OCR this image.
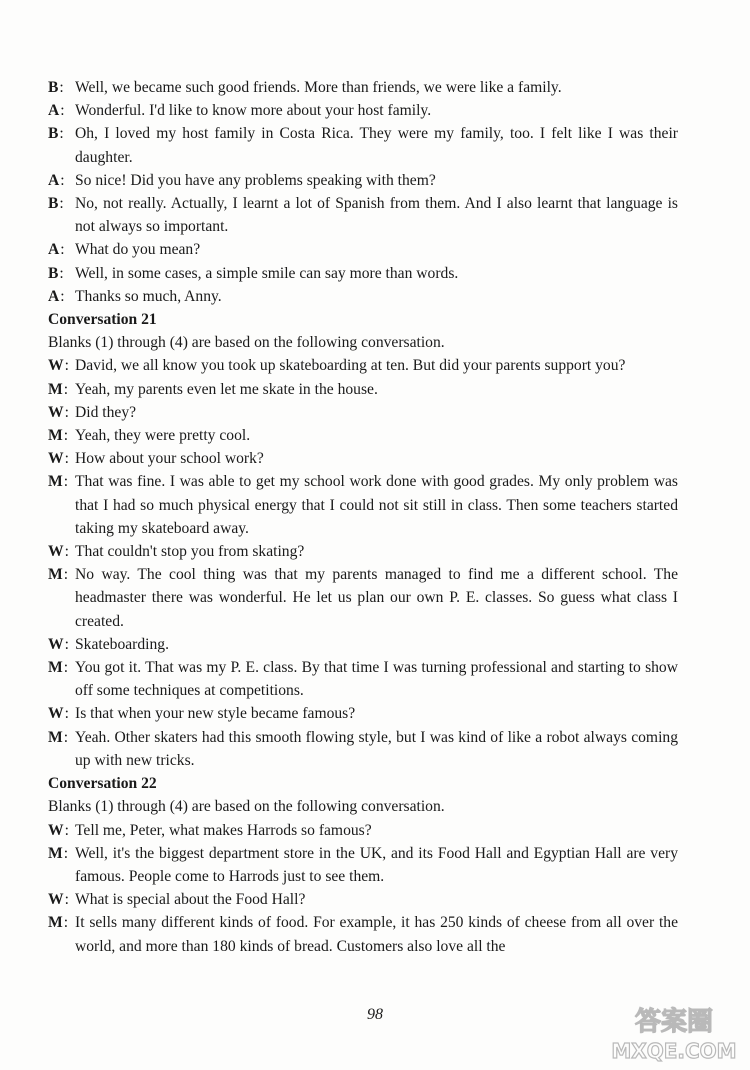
B: Well, we became such good friends. More than friends, we were like a family.
A: Wonderful. I'd like to know more about your host family.
B: Oh, I loved my host family in Costa Rica. They were my family, too. I felt like I was their daughter.
A: So nice! Did you have any problems speaking with them?
B: No, not really. Actually, I learnt a lot of Spanish from them. And I also learnt that language is not always so important.
A: What do you mean?
B: Well, in some cases, a simple smile can say more than words.
A: Thanks so much, Anny.
Conversation 21
Blanks (1) through (4) are based on the following conversation.
W: David, we all know you took up skateboarding at ten. But did your parents support you?
M: Yeah, my parents even let me skate in the house.
W: Did they?
M: Yeah, they were pretty cool.
W: How about your school work?
M: That was fine. I was able to get my school work done with good grades. My only problem was that I had so much physical energy that I could not sit still in class. Then some teachers started taking my skateboard away.
W: That couldn't stop you from skating?
M: No way. The cool thing was that my parents managed to find me a different school. The headmaster there was wonderful. He let us plan our own P. E. classes. So guess what class I created.
W: Skateboarding.
M: You got it. That was my P. E. class. By that time I was turning professional and starting to show off some techniques at competitions.
W: Is that when your new style became famous?
M: Yeah. Other skaters had this smooth flowing style, but I was kind of like a robot always coming up with new tricks.
Conversation 22
Blanks (1) through (4) are based on the following conversation.
W: Tell me, Peter, what makes Harrods so famous?
M: Well, it's the biggest department store in the UK, and its Food Hall and Egyptian Hall are very famous. People come to Harrods just to see them.
W: What is special about the Food Hall?
M: It sells many different kinds of food. For example, it has 250 kinds of cheese from all over the world, and more than 180 kinds of bread. Customers also love all the
98	答案圈
MXQE.COM
